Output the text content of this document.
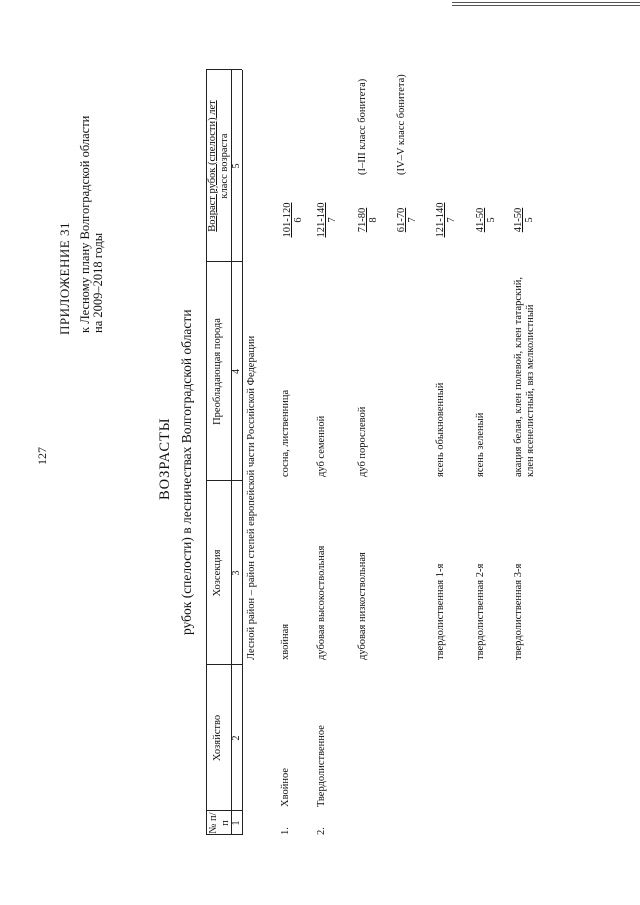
127
ПРИЛОЖЕНИЕ 31 к Лесному плану Волгоградской области на 2009–2018 годы
ВОЗРАСТЫ рубок (спелости) в лесничествах Волгоградской области
№ п/п
Хозяйство
Хозсекция
Преобладающая порода
Возраст рубок (спелости) лет класс возраста
1
2
3
4
5
Лесной район – район степей европейской части Российской Федерации
1.
Хвойное
хвойная
сосна, лиственница
101-120 6
2.
Твердолиственное
дубовая высокоствольная
дуб семенной
121-140 7
дубовая низкоствольная
дуб порослевой
71-80 8
(I–III класс бонитета)
61-70 7
(IV–V класс бонитета)
твердолиственная 1-я
ясень обыкновенный
121-140 7
твердолиственная 2-я
ясень зеленый
41-50 5
твердолиственная 3-я
акация белая, клен полевой, клен татарский, клен ясенелистный, вяз мелколистный
41-50 5
